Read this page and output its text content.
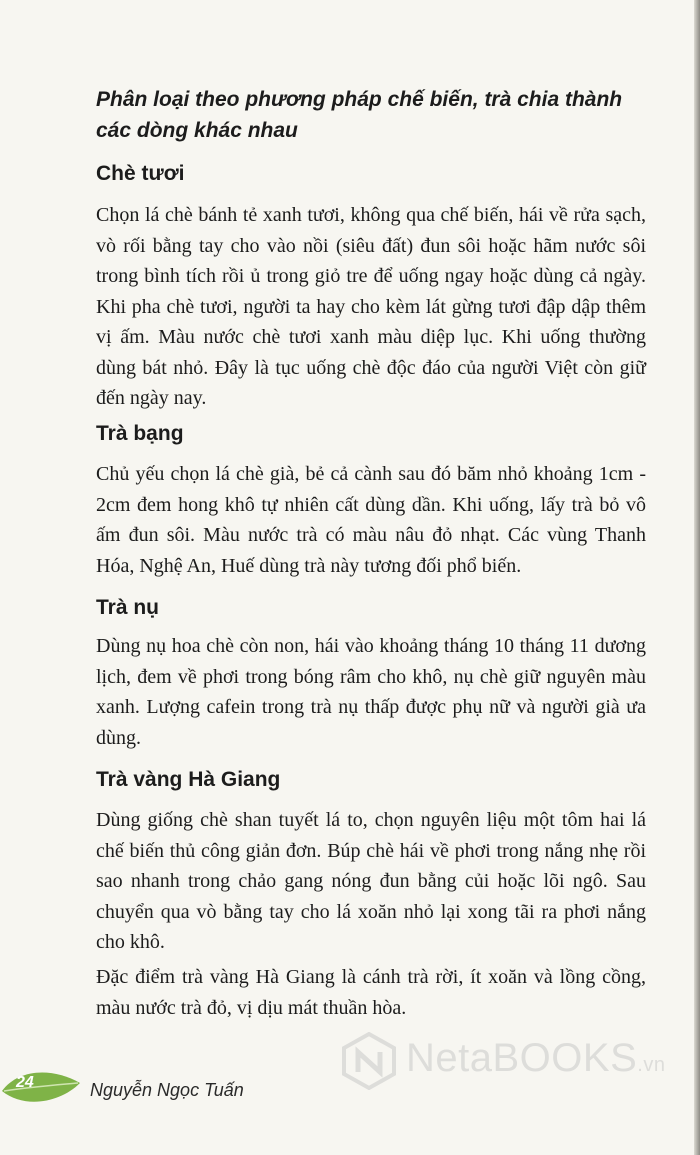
Phân loại theo phương pháp chế biến, trà chia thành các dòng khác nhau
Chè tươi

Chọn lá chè bánh tẻ xanh tươi, không qua chế biến, hái về rửa sạch, vò rối bằng tay cho vào nồi (siêu đất) đun sôi hoặc hãm nước sôi trong bình tích rồi ủ trong giỏ tre để uống ngay hoặc dùng cả ngày. Khi pha chè tươi, người ta hay cho kèm lát gừng tươi đập dập thêm vị ấm. Màu nước chè tươi xanh màu diệp lục. Khi uống thường dùng bát nhỏ. Đây là tục uống chè độc đáo của người Việt còn giữ đến ngày nay.

Trà bạng

Chủ yếu chọn lá chè già, bẻ cả cành sau đó băm nhỏ khoảng 1cm - 2cm đem hong khô tự nhiên cất dùng dần. Khi uống, lấy trà bỏ vô ấm đun sôi. Màu nước trà có màu nâu đỏ nhạt. Các vùng Thanh Hóa, Nghệ An, Huế dùng trà này tương đối phổ biến.

Trà nụ

Dùng nụ hoa chè còn non, hái vào khoảng tháng 10 tháng 11 dương lịch, đem về phơi trong bóng râm cho khô, nụ chè giữ nguyên màu xanh. Lượng cafein trong trà nụ thấp được phụ nữ và người già ưa dùng.

Trà vàng Hà Giang

Dùng giống chè shan tuyết lá to, chọn nguyên liệu một tôm hai lá chế biến thủ công giản đơn. Búp chè hái về phơi trong nắng nhẹ rồi sao nhanh trong chảo gang nóng đun bằng củi hoặc lõi ngô. Sau chuyển qua vò bằng tay cho lá xoăn nhỏ lại xong tãi ra phơi nắng cho khô.

Đặc điểm trà vàng Hà Giang là cánh trà rời, ít xoăn và lồng cồng, màu nước trà đỏ, vị dịu mát thuần hòa.

24	Nguyễn Ngọc Tuấn
NetaBOOKS.vn
